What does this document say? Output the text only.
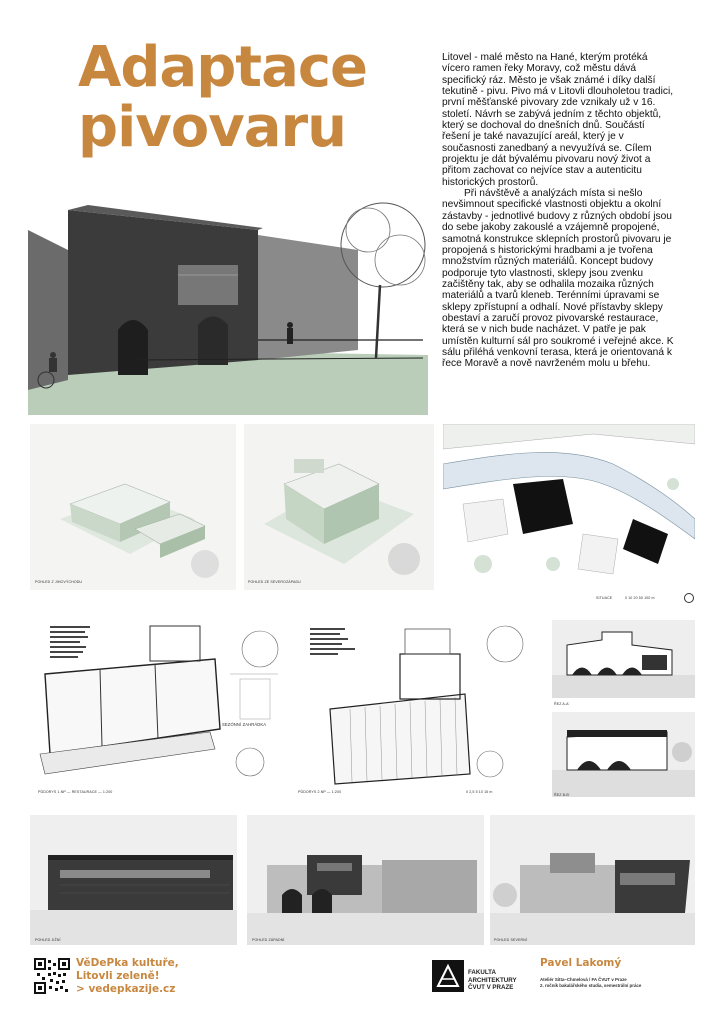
Adaptace
pivovaru

Litovel - malé město na Hané, kterým protéká vícero ramen řeky Moravy, což městu dává specifický ráz. Město je však známé i díky další tekutině - pivu. Pivo má v Litovli dlouholetou tradici, první měšťanské pivovary zde vznikaly už v 16. století. Návrh se zabývá jedním z těchto objektů, který se dochoval do dnešních dnů. Součástí řešení je také navazující areál, který je v současnosti zanedbaný a nevyužívá se. Cílem projektu je dát bývalému pivovaru nový život a přitom zachovat co nejvíce stav a autenticitu historických prostorů.

Při návštěvě a analýzách místa si nešlo nevšimnout specifické vlastnosti objektu a okolní zástavby - jednotlivé budovy z různých období jsou do sebe jakoby zakouslé a vzájemně propojené, samotná konstrukce sklepních prostorů pivovaru je propojená s historickými hradbami a je tvořena množstvím různých materiálů. Koncept budovy podporuje tyto vlastnosti, sklepy jsou zvenku začištěny tak, aby se odhalila mozaika různých materiálů a tvarů kleneb. Terénními úpravami se sklepy zpřístupní a odhalí. Nové přístavby sklepy obestaví a zaručí provoz pivovarské restaurace, která se v nich bude nacházet. V patře je pak umístěn kulturní sál pro soukromé i veřejné akce. K sálu přiléhá venkovní terasa, která je orientovaná k řece Moravě a nově navrženém molu u břehu.

POHLED Z JIHOVÝCHODU	POHLED ZE SEVEROZÁPADU
SITUACE	0 10 20 50 100 m
PŮDORYS 1.NP — RESTAURACE — 1:200
SEZÓNNÍ ZAHRÁDKA
PŮDORYS 2.NP — 1:200	0 2,5 5 10 15 m
ŘEZ A-A'
ŘEZ B-B'
POHLED JIŽNÍ	POHLED ZÁPADNÍ	POHLED SEVERNÍ
VěDePka kultuře,
Litovli zeleně!
> vedepkazije.cz
FAKULTA
ARCHITEKTURY
ČVUT V PRAZE
Pavel Lakomý
Ateliér Sitta–Chmelová / FA ČVUT v Praze
2. ročník bakalářského studia, semestrální práce
